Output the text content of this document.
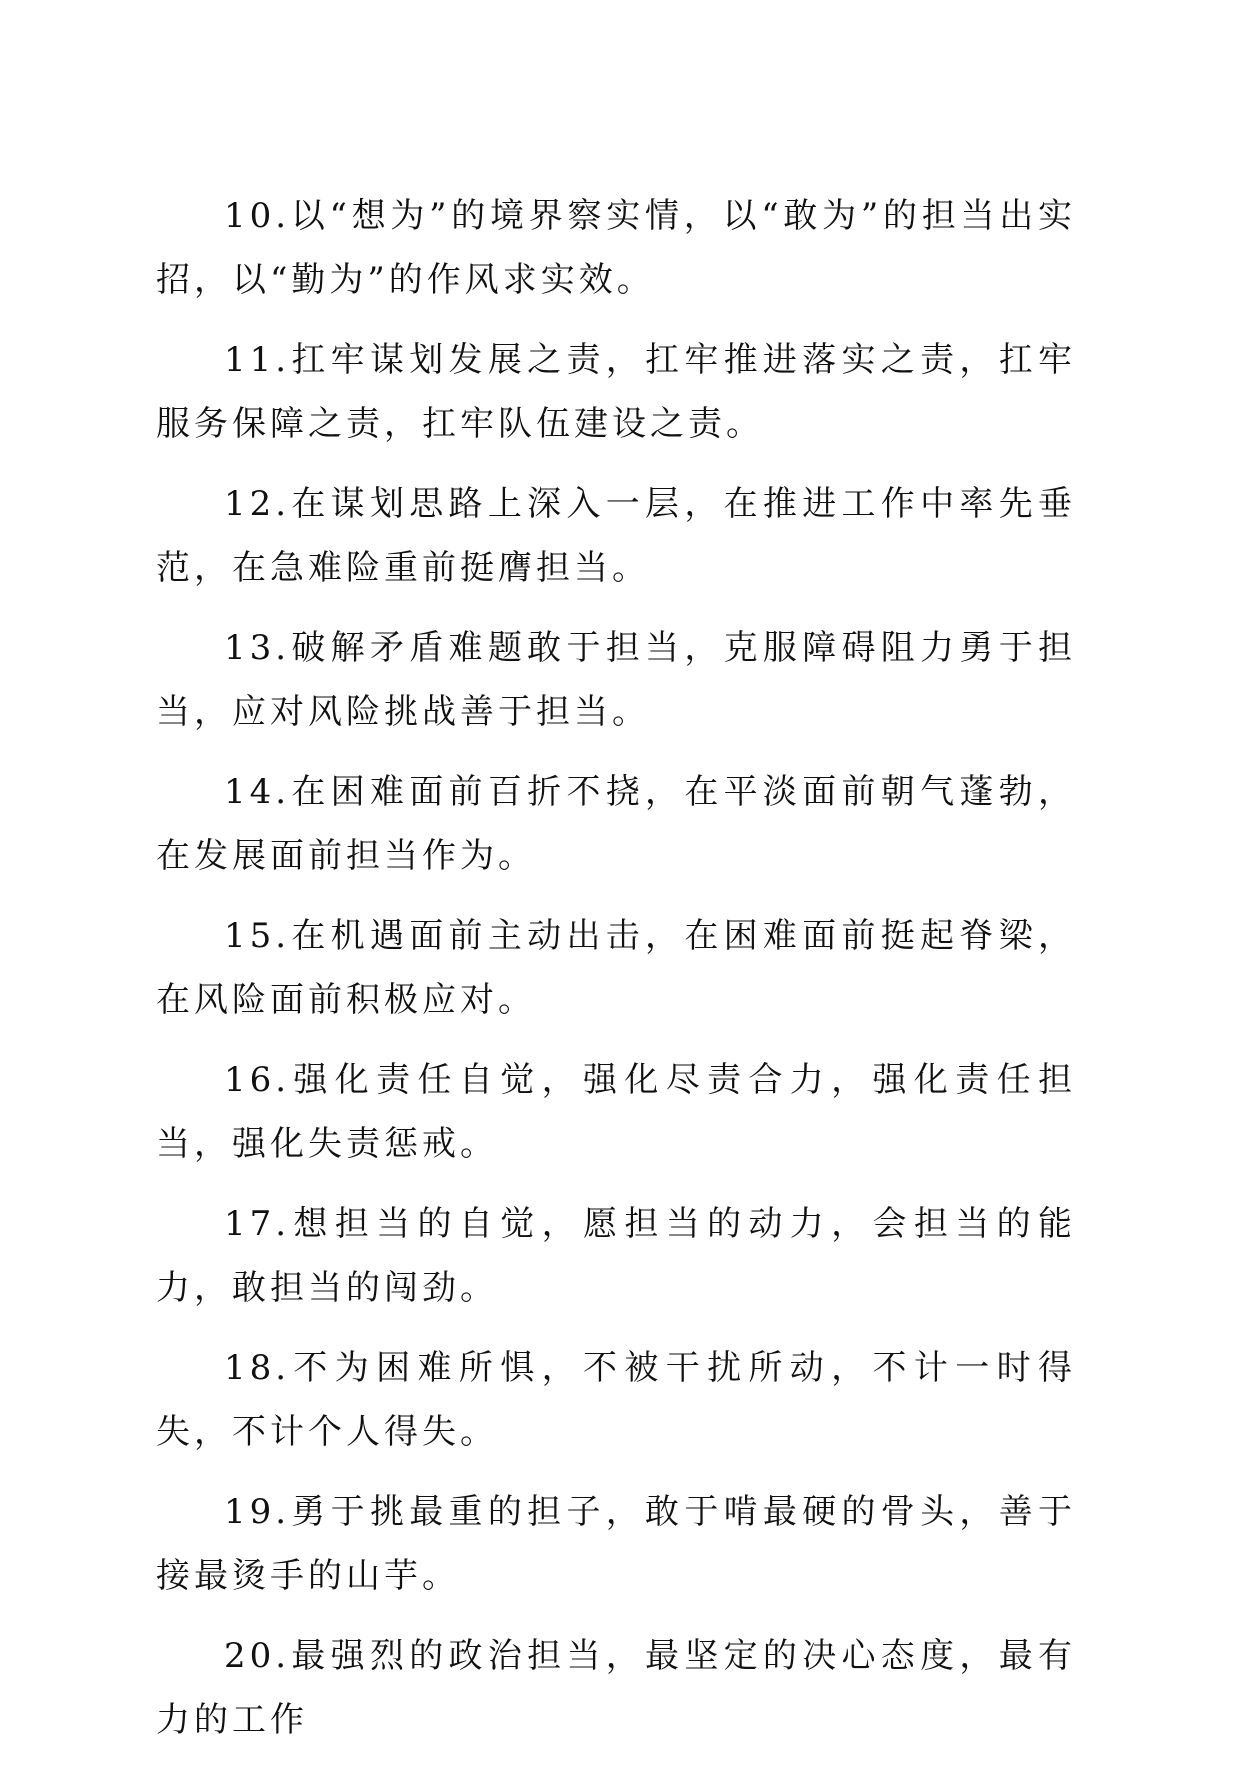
10.以“想为”的境界察实情，以“敢为”的担当出实招，以“勤为”的作风求实效。

11.扛牢谋划发展之责，扛牢推进落实之责，扛牢服务保障之责，扛牢队伍建设之责。

12.在谋划思路上深入一层，在推进工作中率先垂范，在急难险重前挺膺担当。

13.破解矛盾难题敢于担当，克服障碍阻力勇于担当，应对风险挑战善于担当。

14.在困难面前百折不挠，在平淡面前朝气蓬勃，在发展面前担当作为。

15.在机遇面前主动出击，在困难面前挺起脊梁，在风险面前积极应对。

16.强化责任自觉，强化尽责合力，强化责任担当，强化失责惩戒。

17.想担当的自觉，愿担当的动力，会担当的能力，敢担当的闯劲。

18.不为困难所惧，不被干扰所动，不计一时得失，不计个人得失。

19.勇于挑最重的担子，敢于啃最硬的骨头，善于接最烫手的山芋。

20.最强烈的政治担当，最坚定的决心态度，最有力的工作
